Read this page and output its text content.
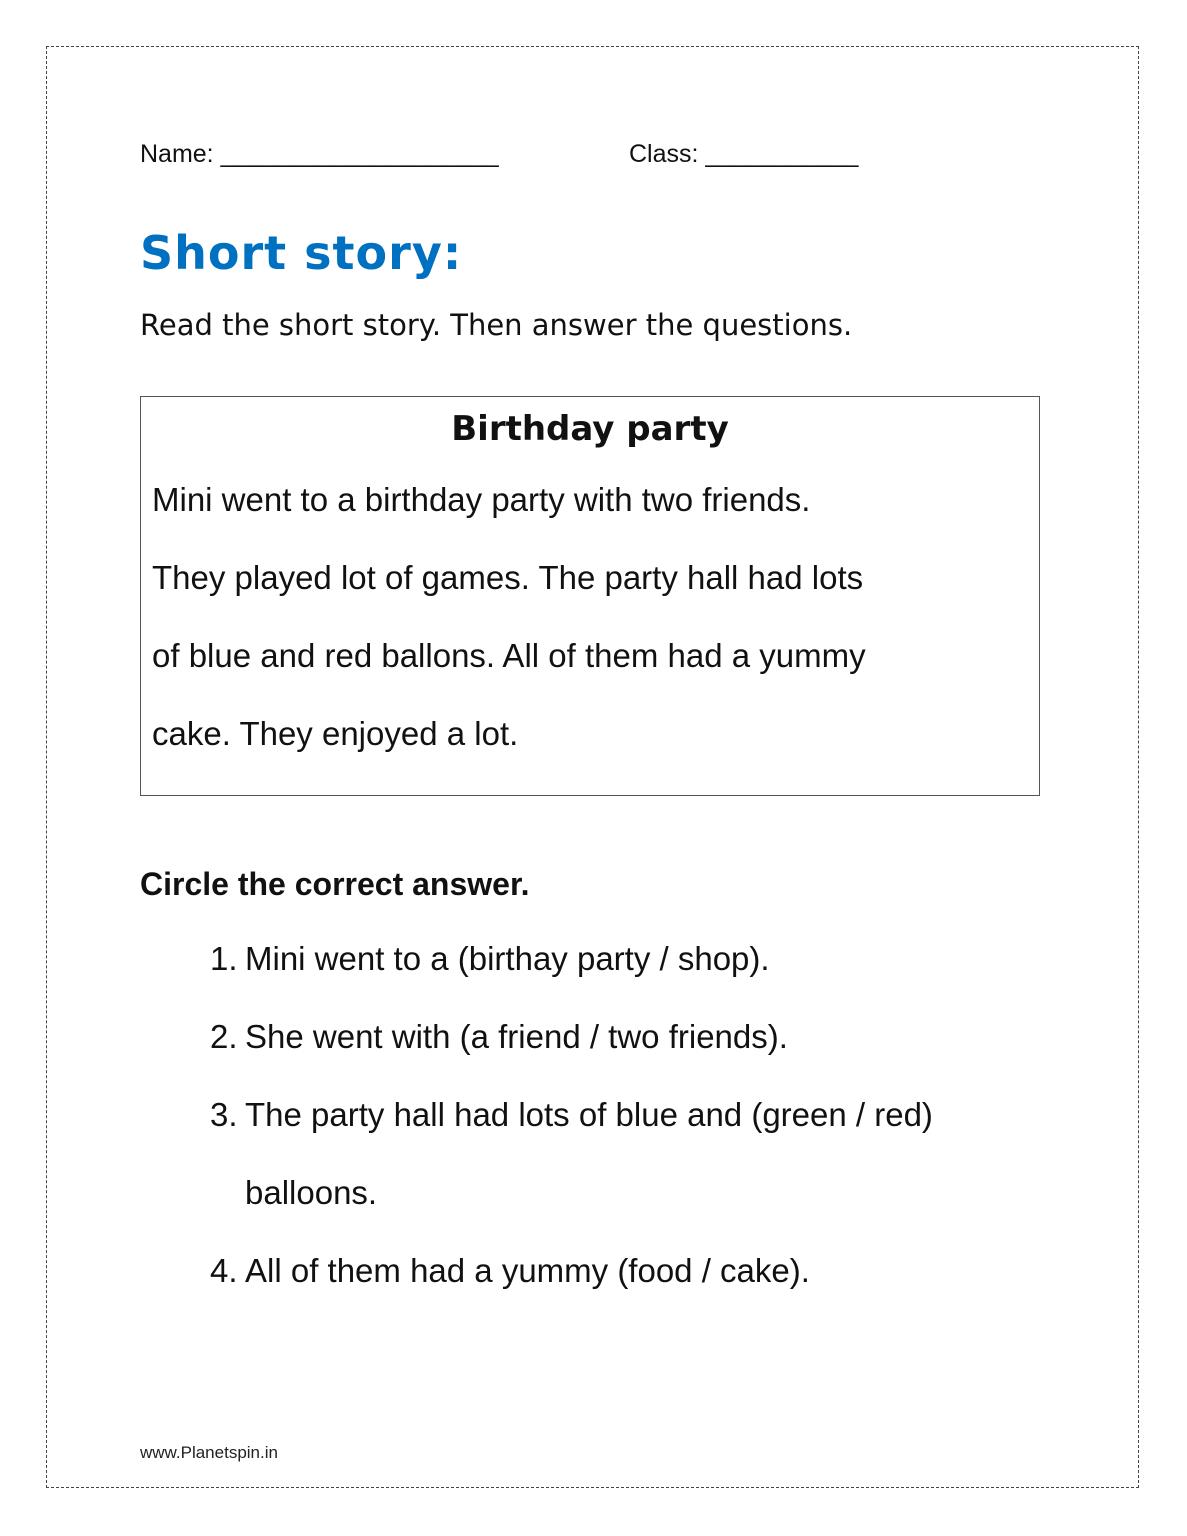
Name: ____________________	Class: ___________
Short story:
Read the short story. Then answer the questions.
Birthday party
Mini went to a birthday party with two friends.
They played lot of games. The party hall had lots
of blue and red ballons. All of them had a yummy
cake. They enjoyed a lot.
Circle the correct answer.
1. Mini went to a (birthay party / shop).
2. She went with (a friend / two friends).
3. The party hall had lots of blue and (green / red) balloons.
4. All of them had a yummy (food / cake).
www.Planetspin.in
